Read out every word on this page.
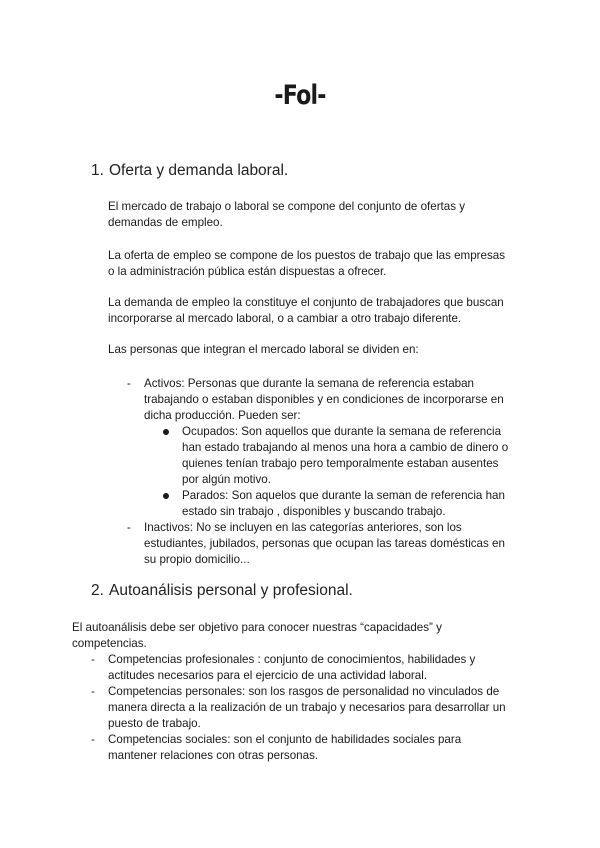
-Fol-
1. Oferta y demanda laboral.
El mercado de trabajo o laboral se compone del conjunto de ofertas y
demandas de empleo.
La oferta de empleo se compone de los puestos de trabajo que las empresas
o la administración pública están dispuestas a ofrecer.
La demanda de empleo la constituye el conjunto de trabajadores que buscan
incorporarse al mercado laboral, o a cambiar a otro trabajo diferente.
Las personas que integran el mercado laboral se dividen en:
- Activos: Personas que durante la semana de referencia estaban
trabajando o estaban disponibles y en condiciones de incorporarse en
dicha producción. Pueden ser:
Ocupados: Son aquellos que durante la semana de referencia
han estado trabajando al menos una hora a cambio de dinero o
quienes tenían trabajo pero temporalmente estaban ausentes
por algún motivo.
Parados: Son aquelos que durante la seman de referencia han
estado sin trabajo , disponibles y buscando trabajo.
- Inactivos: No se incluyen en las categorías anteriores, son los
estudiantes, jubilados, personas que ocupan las tareas domésticas en
su propio domicilio...
2. Autoanálisis personal y profesional.
El autoanálisis debe ser objetivo para conocer nuestras “capacidades” y
competencias.
- Competencias profesionales : conjunto de conocimientos, habilidades y
actitudes necesarios para el ejercicio de una actividad laboral.
- Competencias personales: son los rasgos de personalidad no vinculados de
manera directa a la realización de un trabajo y necesarios para desarrollar un
puesto de trabajo.
- Competencias sociales: son el conjunto de habilidades sociales para
mantener relaciones con otras personas.
